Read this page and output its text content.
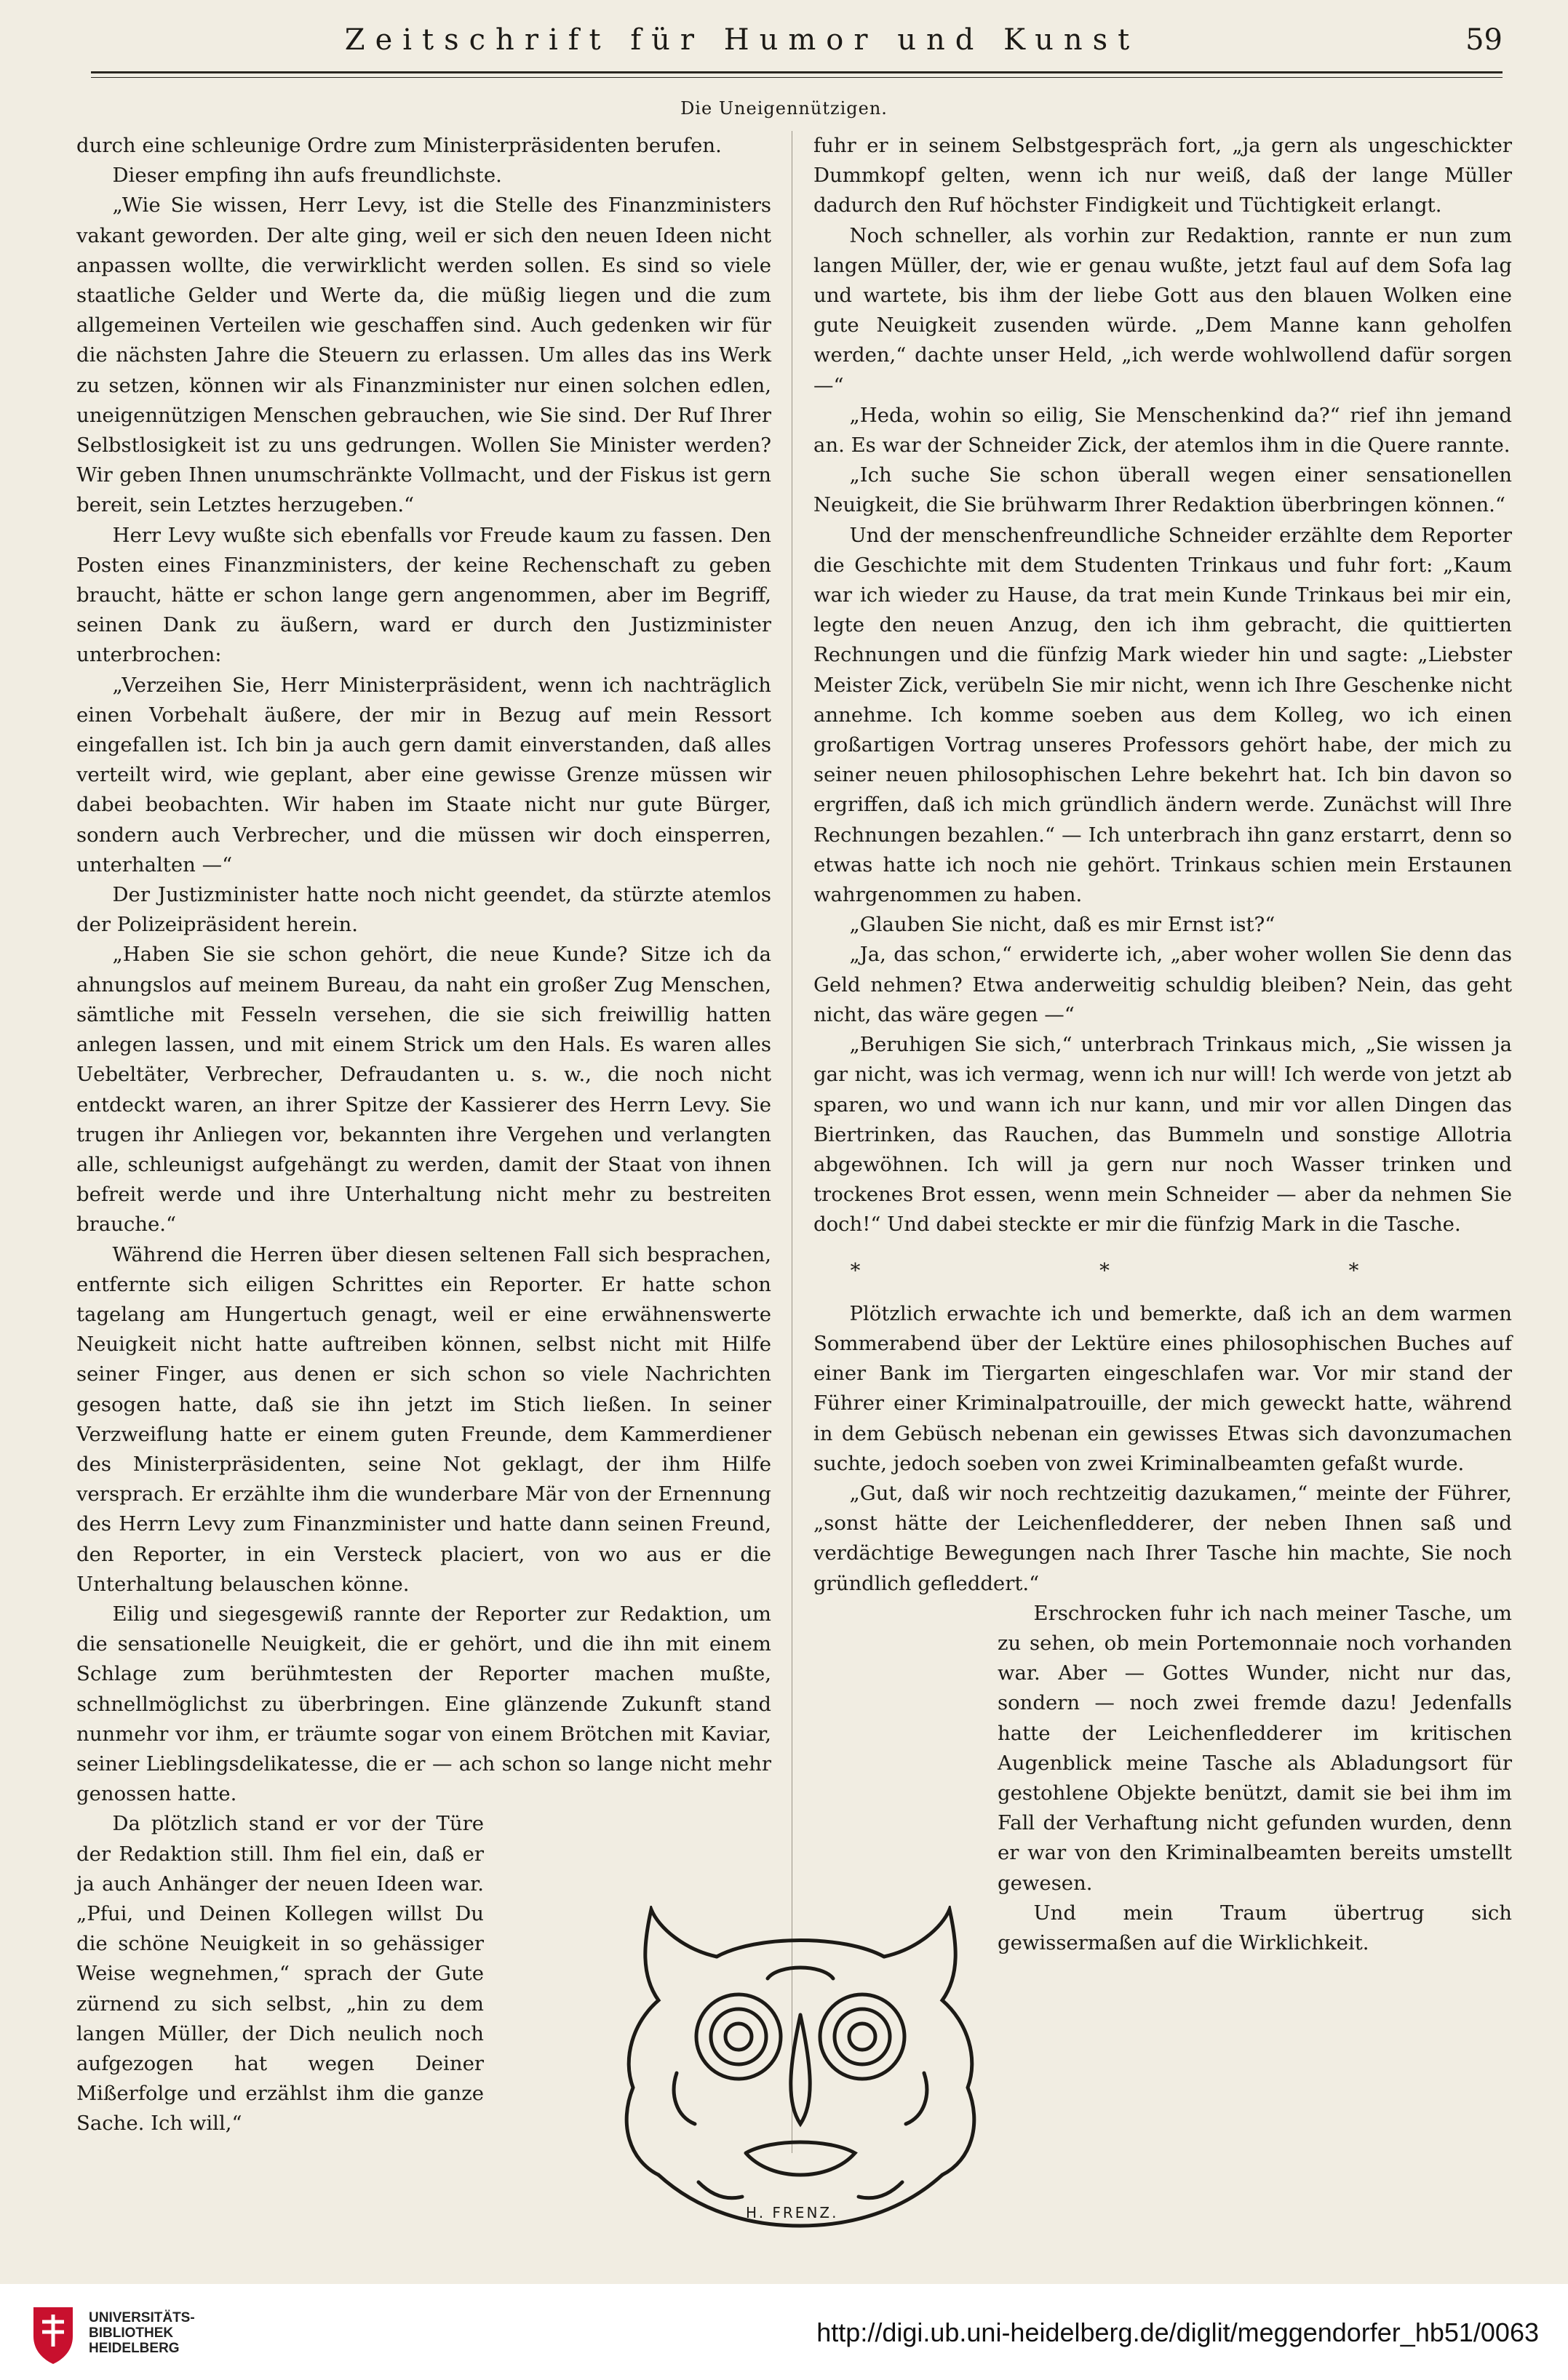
Zeitschrift für Humor und Kunst	59
Die Uneigennützigen.

durch eine schleunige Ordre zum Ministerpräsidenten berufen.

Dieser empfing ihn aufs freundlichste.

„Wie Sie wissen, Herr Levy, ist die Stelle des Finanzministers vakant geworden. Der alte ging, weil er sich den neuen Ideen nicht anpassen wollte, die verwirklicht werden sollen. Es sind so viele staatliche Gelder und Werte da, die müßig liegen und die zum allgemeinen Verteilen wie geschaffen sind. Auch gedenken wir für die nächsten Jahre die Steuern zu erlassen. Um alles das ins Werk zu setzen, können wir als Finanzminister nur einen solchen edlen, uneigennützigen Menschen gebrauchen, wie Sie sind. Der Ruf Ihrer Selbstlosigkeit ist zu uns gedrungen. Wollen Sie Minister werden? Wir geben Ihnen unumschränkte Vollmacht, und der Fiskus ist gern bereit, sein Letztes herzugeben.“

Herr Levy wußte sich ebenfalls vor Freude kaum zu fassen. Den Posten eines Finanzministers, der keine Rechenschaft zu geben braucht, hätte er schon lange gern angenommen, aber im Begriff, seinen Dank zu äußern, ward er durch den Justizminister unterbrochen:

„Verzeihen Sie, Herr Ministerpräsident, wenn ich nachträglich einen Vorbehalt äußere, der mir in Bezug auf mein Ressort eingefallen ist. Ich bin ja auch gern damit einverstanden, daß alles verteilt wird, wie geplant, aber eine gewisse Grenze müssen wir dabei beobachten. Wir haben im Staate nicht nur gute Bürger, sondern auch Verbrecher, und die müssen wir doch einsperren, unterhalten —“

Der Justizminister hatte noch nicht geendet, da stürzte atemlos der Polizeipräsident herein.

„Haben Sie sie schon gehört, die neue Kunde? Sitze ich da ahnungslos auf meinem Bureau, da naht ein großer Zug Menschen, sämtliche mit Fesseln versehen, die sie sich freiwillig hatten anlegen lassen, und mit einem Strick um den Hals. Es waren alles Uebeltäter, Verbrecher, Defraudanten u. s. w., die noch nicht entdeckt waren, an ihrer Spitze der Kassierer des Herrn Levy. Sie trugen ihr Anliegen vor, bekannten ihre Vergehen und verlangten alle, schleunigst aufgehängt zu werden, damit der Staat von ihnen befreit werde und ihre Unterhaltung nicht mehr zu bestreiten brauche.“

Während die Herren über diesen seltenen Fall sich besprachen, entfernte sich eiligen Schrittes ein Reporter. Er hatte schon tagelang am Hungertuch genagt, weil er eine erwähnenswerte Neuigkeit nicht hatte auftreiben können, selbst nicht mit Hilfe seiner Finger, aus denen er sich schon so viele Nachrichten gesogen hatte, daß sie ihn jetzt im Stich ließen. In seiner Verzweiflung hatte er einem guten Freunde, dem Kammerdiener des Ministerpräsidenten, seine Not geklagt, der ihm Hilfe versprach. Er erzählte ihm die wunderbare Mär von der Ernennung des Herrn Levy zum Finanzminister und hatte dann seinen Freund, den Reporter, in ein Versteck placiert, von wo aus er die Unterhaltung belauschen könne.

Eilig und siegesgewiß rannte der Reporter zur Redaktion, um die sensationelle Neuigkeit, die er gehört, und die ihn mit einem Schlage zum berühmtesten der Reporter machen mußte, schnellmöglichst zu überbringen. Eine glänzende Zukunft stand nunmehr vor ihm, er träumte sogar von einem Brötchen mit Kaviar, seiner Lieblingsdelikatesse, die er — ach schon so lange nicht mehr genossen hatte.

Da plötzlich stand er vor der Türe der Redaktion still. Ihm fiel ein, daß er ja auch Anhänger der neuen Ideen war. „Pfui, und Deinen Kollegen willst Du die schöne Neuigkeit in so gehässiger Weise wegnehmen,“ sprach der Gute zürnend zu sich selbst, „hin zu dem langen Müller, der Dich neulich noch aufgezogen hat wegen Deiner Mißerfolge und erzählst ihm die ganze Sache. Ich will,“

fuhr er in seinem Selbstgespräch fort, „ja gern als ungeschickter Dummkopf gelten, wenn ich nur weiß, daß der lange Müller dadurch den Ruf höchster Findigkeit und Tüchtigkeit erlangt.

Noch schneller, als vorhin zur Redaktion, rannte er nun zum langen Müller, der, wie er genau wußte, jetzt faul auf dem Sofa lag und wartete, bis ihm der liebe Gott aus den blauen Wolken eine gute Neuigkeit zusenden würde. „Dem Manne kann geholfen werden,“ dachte unser Held, „ich werde wohlwollend dafür sorgen —“

„Heda, wohin so eilig, Sie Menschenkind da?“ rief ihn jemand an. Es war der Schneider Zick, der atemlos ihm in die Quere rannte.

„Ich suche Sie schon überall wegen einer sensationellen Neuigkeit, die Sie brühwarm Ihrer Redaktion überbringen können.“

Und der menschenfreundliche Schneider erzählte dem Reporter die Geschichte mit dem Studenten Trinkaus und fuhr fort: „Kaum war ich wieder zu Hause, da trat mein Kunde Trinkaus bei mir ein, legte den neuen Anzug, den ich ihm gebracht, die quittierten Rechnungen und die fünfzig Mark wieder hin und sagte: „Liebster Meister Zick, verübeln Sie mir nicht, wenn ich Ihre Geschenke nicht annehme. Ich komme soeben aus dem Kolleg, wo ich einen großartigen Vortrag unseres Professors gehört habe, der mich zu seiner neuen philosophischen Lehre bekehrt hat. Ich bin davon so ergriffen, daß ich mich gründlich ändern werde. Zunächst will Ihre Rechnungen bezahlen.“ — Ich unterbrach ihn ganz erstarrt, denn so etwas hatte ich noch nie gehört. Trinkaus schien mein Erstaunen wahrgenommen zu haben.

„Glauben Sie nicht, daß es mir Ernst ist?“

„Ja, das schon,“ erwiderte ich, „aber woher wollen Sie denn das Geld nehmen? Etwa anderweitig schuldig bleiben? Nein, das geht nicht, das wäre gegen —“

„Beruhigen Sie sich,“ unterbrach Trinkaus mich, „Sie wissen ja gar nicht, was ich vermag, wenn ich nur will! Ich werde von jetzt ab sparen, wo und wann ich nur kann, und mir vor allen Dingen das Biertrinken, das Rauchen, das Bummeln und sonstige Allotria abgewöhnen. Ich will ja gern nur noch Wasser trinken und trockenes Brot essen, wenn mein Schneider — aber da nehmen Sie doch!“ Und dabei steckte er mir die fünfzig Mark in die Tasche.

* * *

Plötzlich erwachte ich und bemerkte, daß ich an dem warmen Sommerabend über der Lektüre eines philosophischen Buches auf einer Bank im Tiergarten eingeschlafen war. Vor mir stand der Führer einer Kriminalpatrouille, der mich geweckt hatte, während in dem Gebüsch nebenan ein gewisses Etwas sich davonzumachen suchte, jedoch soeben von zwei Kriminalbeamten gefaßt wurde.

„Gut, daß wir noch rechtzeitig dazukamen,“ meinte der Führer, „sonst hätte der Leichenfledderer, der neben Ihnen saß und verdächtige Bewegungen nach Ihrer Tasche hin machte, Sie noch gründlich gefleddert.“

Erschrocken fuhr ich nach meiner Tasche, um zu sehen, ob mein Portemonnaie noch vorhanden war. Aber — Gottes Wunder, nicht nur das, sondern — noch zwei fremde dazu! Jedenfalls hatte der Leichenfledderer im kritischen Augenblick meine Tasche als Abladungsort für gestohlene Objekte benützt, damit sie bei ihm im Fall der Verhaftung nicht gefunden wurden, denn er war von den Kriminalbeamten bereits umstellt gewesen.

Und mein Traum übertrug sich gewissermaßen auf die Wirklichkeit.

H. FRENZ.
UNIVERSITÄTS-
BIBLIOTHEK
HEIDELBERG
http://digi.ub.uni-heidelberg.de/diglit/meggendorfer_hb51/0063
